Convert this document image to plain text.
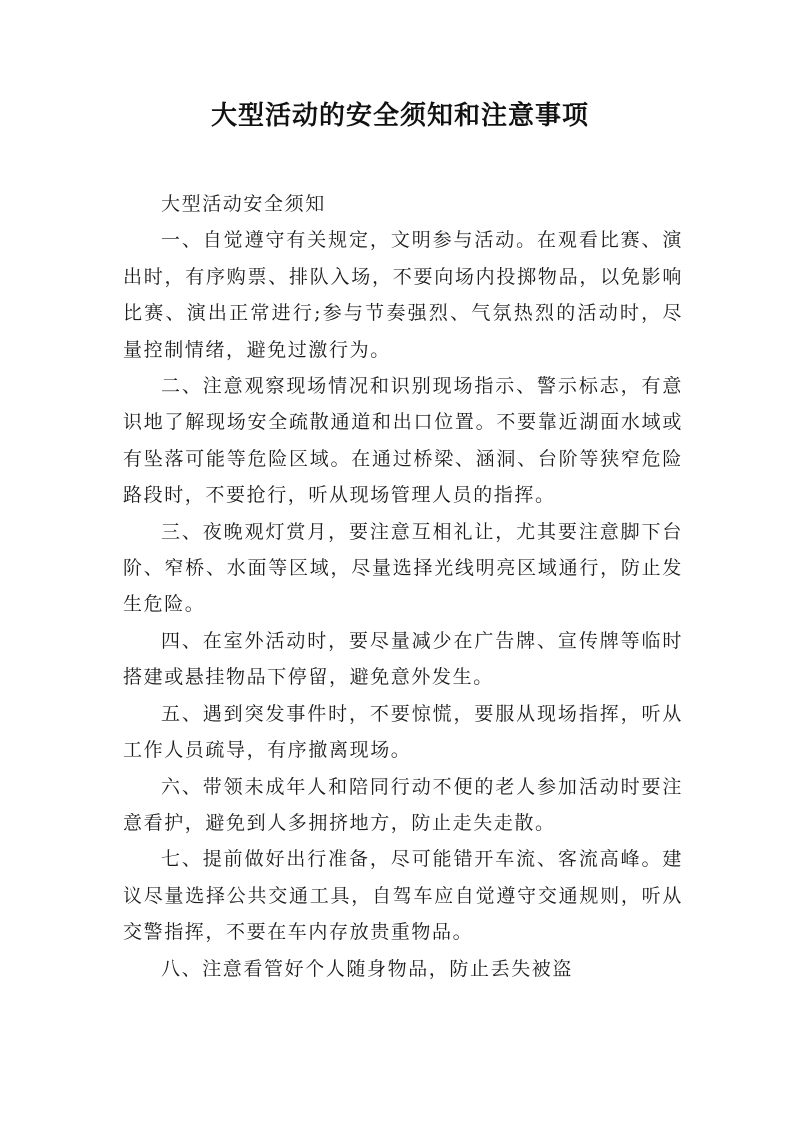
大型活动的安全须知和注意事项

大型活动安全须知

一、自觉遵守有关规定，文明参与活动。在观看比赛、演出时，有序购票、排队入场，不要向场内投掷物品，以免影响比赛、演出正常进行;参与节奏强烈、气氛热烈的活动时，尽量控制情绪，避免过激行为。

二、注意观察现场情况和识别现场指示、警示标志，有意识地了解现场安全疏散通道和出口位置。不要靠近湖面水域或有坠落可能等危险区域。在通过桥梁、涵洞、台阶等狭窄危险路段时，不要抢行，听从现场管理人员的指挥。

三、夜晚观灯赏月，要注意互相礼让，尤其要注意脚下台阶、窄桥、水面等区域，尽量选择光线明亮区域通行，防止发生危险。

四、在室外活动时，要尽量减少在广告牌、宣传牌等临时搭建或悬挂物品下停留，避免意外发生。

五、遇到突发事件时，不要惊慌，要服从现场指挥，听从工作人员疏导，有序撤离现场。

六、带领未成年人和陪同行动不便的老人参加活动时要注意看护，避免到人多拥挤地方，防止走失走散。

七、提前做好出行准备，尽可能错开车流、客流高峰。建议尽量选择公共交通工具，自驾车应自觉遵守交通规则，听从交警指挥，不要在车内存放贵重物品。

八、注意看管好个人随身物品，防止丢失被盗
